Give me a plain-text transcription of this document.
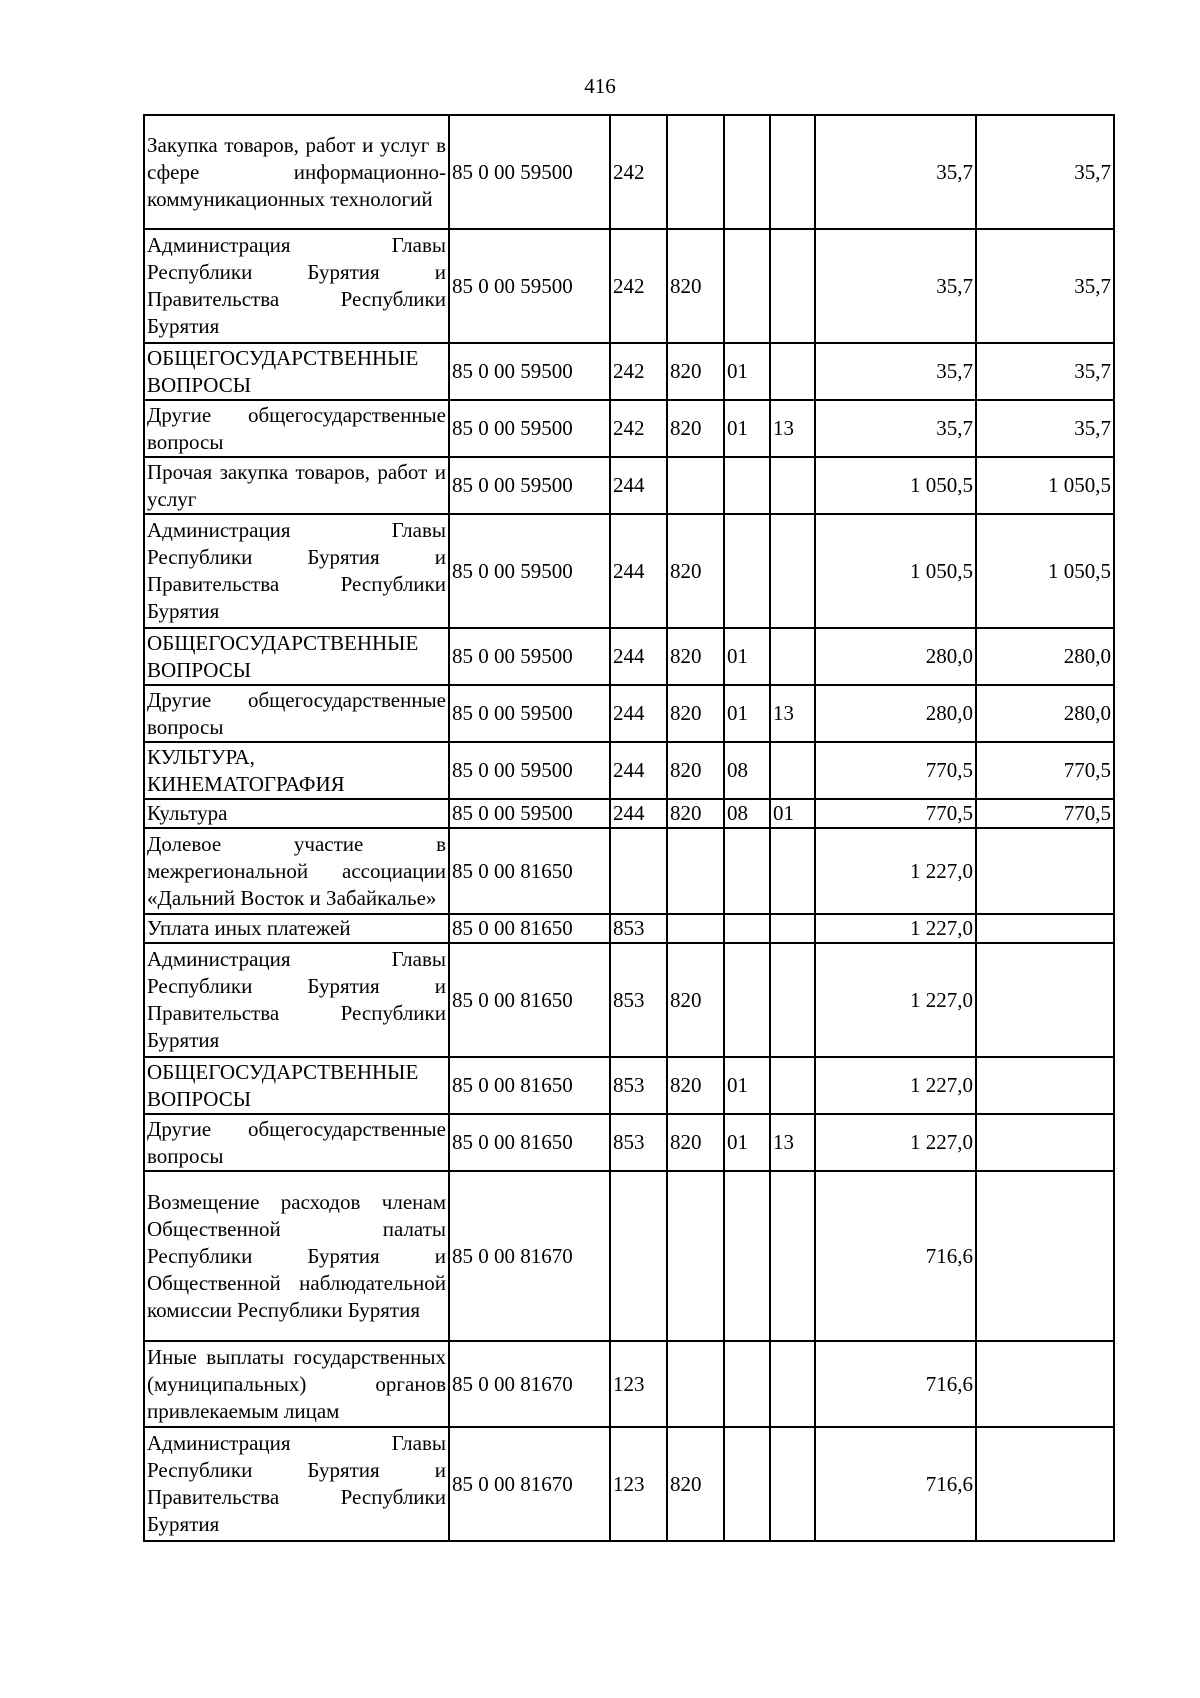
416
Закупка товаров, работ и услуг в сфере информационно-коммуникационных технологий	85 0 00 59500	242				35,7	35,7
Администрация Главы Республики Бурятия и Правительства Республики Бурятия	85 0 00 59500	242	820			35,7	35,7
ОБЩЕГОСУДАРСТВЕННЫЕ ВОПРОСЫ	85 0 00 59500	242	820	01		35,7	35,7
Другие общегосударственные вопросы	85 0 00 59500	242	820	01	13	35,7	35,7
Прочая закупка товаров, работ и услуг	85 0 00 59500	244				1 050,5	1 050,5
Администрация Главы Республики Бурятия и Правительства Республики Бурятия	85 0 00 59500	244	820			1 050,5	1 050,5
ОБЩЕГОСУДАРСТВЕННЫЕ ВОПРОСЫ	85 0 00 59500	244	820	01		280,0	280,0
Другие общегосударственные вопросы	85 0 00 59500	244	820	01	13	280,0	280,0
КУЛЬТУРА, КИНЕМАТОГРАФИЯ	85 0 00 59500	244	820	08		770,5	770,5
Культура	85 0 00 59500	244	820	08	01	770,5	770,5
Долевое участие в межрегиональной ассоциации «Дальний Восток и Забайкалье»	85 0 00 81650					1 227,0	
Уплата иных платежей	85 0 00 81650	853				1 227,0	
Администрация Главы Республики Бурятия и Правительства Республики Бурятия	85 0 00 81650	853	820			1 227,0	
ОБЩЕГОСУДАРСТВЕННЫЕ ВОПРОСЫ	85 0 00 81650	853	820	01		1 227,0	
Другие общегосударственные вопросы	85 0 00 81650	853	820	01	13	1 227,0	
Возмещение расходов членам Общественной палаты Республики Бурятия и Общественной наблюдательной комиссии Республики Бурятия	85 0 00 81670					716,6	
Иные выплаты государственных (муниципальных) органов привлекаемым лицам	85 0 00 81670	123				716,6	
Администрация Главы Республики Бурятия и Правительства Республики Бурятия	85 0 00 81670	123	820			716,6	
